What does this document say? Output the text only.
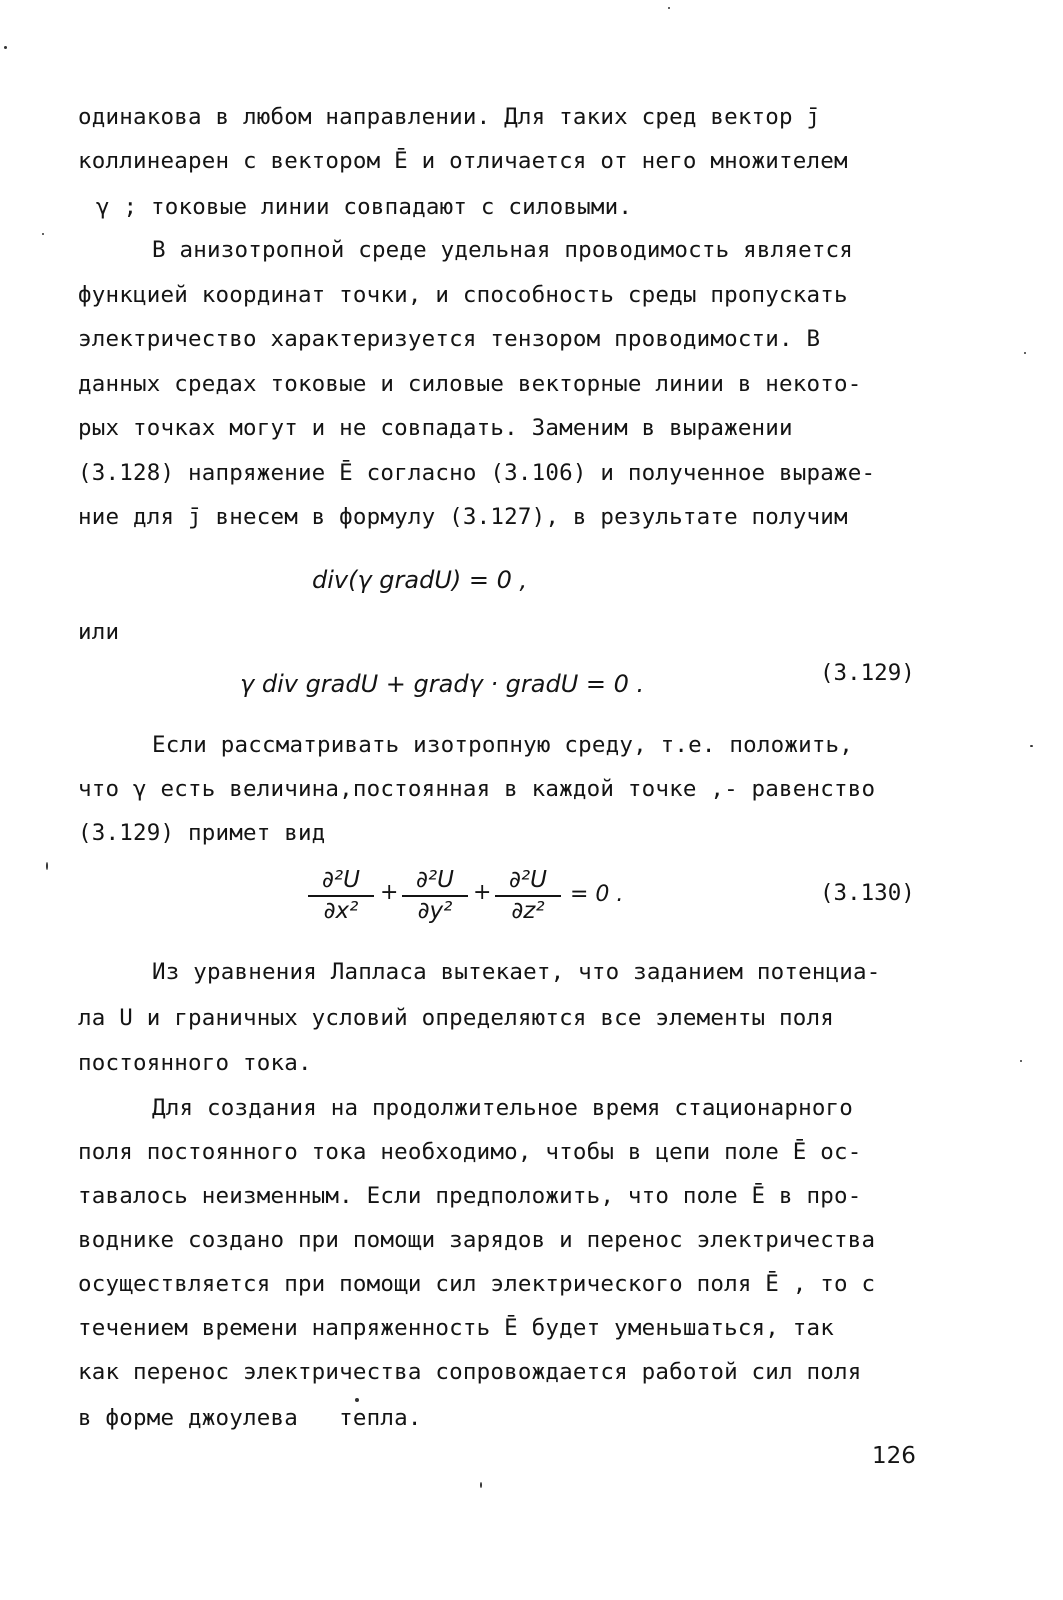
одинакова в любом направлении. Для таких сред вектор j̄
коллинеарен с вектором Ē и отличается от него множителем
γ ; токовые линии совпадают с силовыми.
В анизотропной среде удельная проводимость является
функцией координат точки, и способность среды пропускать
электричество характеризуется тензором проводимости. В
данных средах токовые и силовые векторные линии в некото-
рых точках могут и не совпадать. Заменим в выражении
(3.128) напряжение Ē согласно (3.106) и полученное выраже-
ние для j̄ внесем в формулу (3.127), в результате получим
div(γ gradU) = 0 ,
или
γ div gradU + gradγ · gradU = 0 .	(3.129)
Если рассматривать изотропную среду, т.е. положить,
что γ есть величина,постоянная в каждой точке ,- равенство
(3.129) примет вид
$\frac{\text{∂²U}}{\text{∂x²}} + \frac{\text{∂²U}}{\text{∂y²}} + \frac{\text{∂²U}}{\text{∂z²}} = 0$ .	(3.130)
Из уравнения Лапласа вытекает, что заданием потенциа-
ла U и граничных условий определяются все элементы поля
постоянного тока.
Для создания на продолжительное время стационарного
поля постоянного тока необходимо, чтобы в цепи поле Ē ос-
тавалось неизменным. Если предположить, что поле Ē в про-
воднике создано при помощи зарядов и перенос электричества
осуществляется при помощи сил электрического поля Ē , то с
течением времени напряженность Ē будет уменьшаться, так
как перенос электричества сопровождается работой сил поля
в форме джоулева   тепла.
126
